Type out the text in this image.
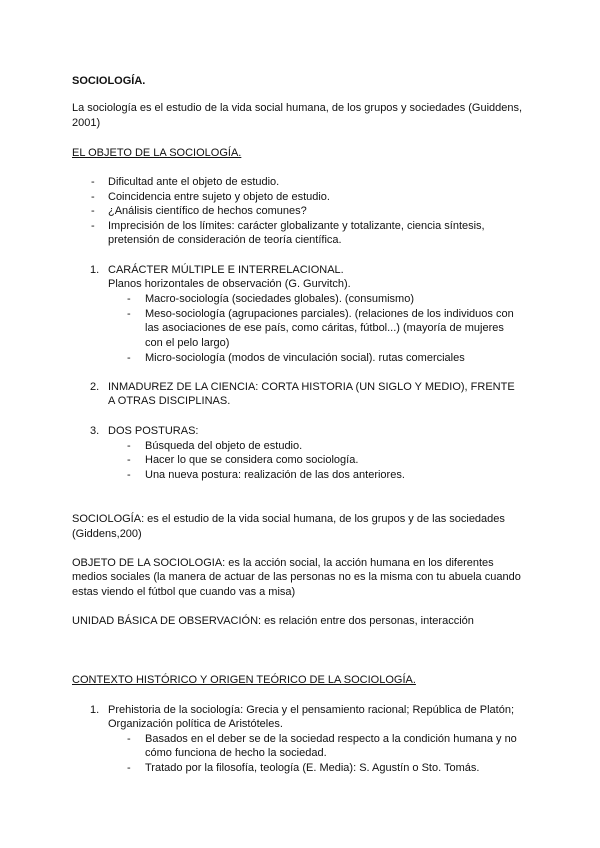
SOCIOLOGÍA.
La sociología es el estudio de la vida social humana, de los grupos y sociedades (Guiddens,
2001)
EL OBJETO DE LA SOCIOLOGÍA.
- Dificultad ante el objeto de estudio.
- Coincidencia entre sujeto y objeto de estudio.
- ¿Análisis científico de hechos comunes?
- Imprecisión de los límites: carácter globalizante y totalizante, ciencia síntesis,
pretensión de consideración de teoría científica.
1. CARÁCTER MÚLTIPLE E INTERRELACIONAL.
Planos horizontales de observación (G. Gurvitch).
- Macro-sociología (sociedades globales). (consumismo)
- Meso-sociología (agrupaciones parciales). (relaciones de los individuos con
las asociaciones de ese país, como cáritas, fútbol...) (mayoría de mujeres
con el pelo largo)
- Micro-sociología (modos de vinculación social). rutas comerciales
2. INMADUREZ DE LA CIENCIA: CORTA HISTORIA (UN SIGLO Y MEDIO), FRENTE
A OTRAS DISCIPLINAS.
3. DOS POSTURAS:
- Búsqueda del objeto de estudio.
- Hacer lo que se considera como sociología.
- Una nueva postura: realización de las dos anteriores.
SOCIOLOGÍA: es el estudio de la vida social humana, de los grupos y de las sociedades
(Giddens,200)
OBJETO DE LA SOCIOLOGIA: es la acción social, la acción humana en los diferentes
medios sociales (la manera de actuar de las personas no es la misma con tu abuela cuando
estas viendo el fútbol que cuando vas a misa)
UNIDAD BÁSICA DE OBSERVACIÓN: es relación entre dos personas, interacción
CONTEXTO HISTÓRICO Y ORIGEN TEÓRICO DE LA SOCIOLOGÍA.
1. Prehistoria de la sociología: Grecia y el pensamiento racional; República de Platón;
Organización política de Aristóteles.
- Basados en el deber se de la sociedad respecto a la condición humana y no
cómo funciona de hecho la sociedad.
- Tratado por la filosofía, teología (E. Media): S. Agustín o Sto. Tomás.
